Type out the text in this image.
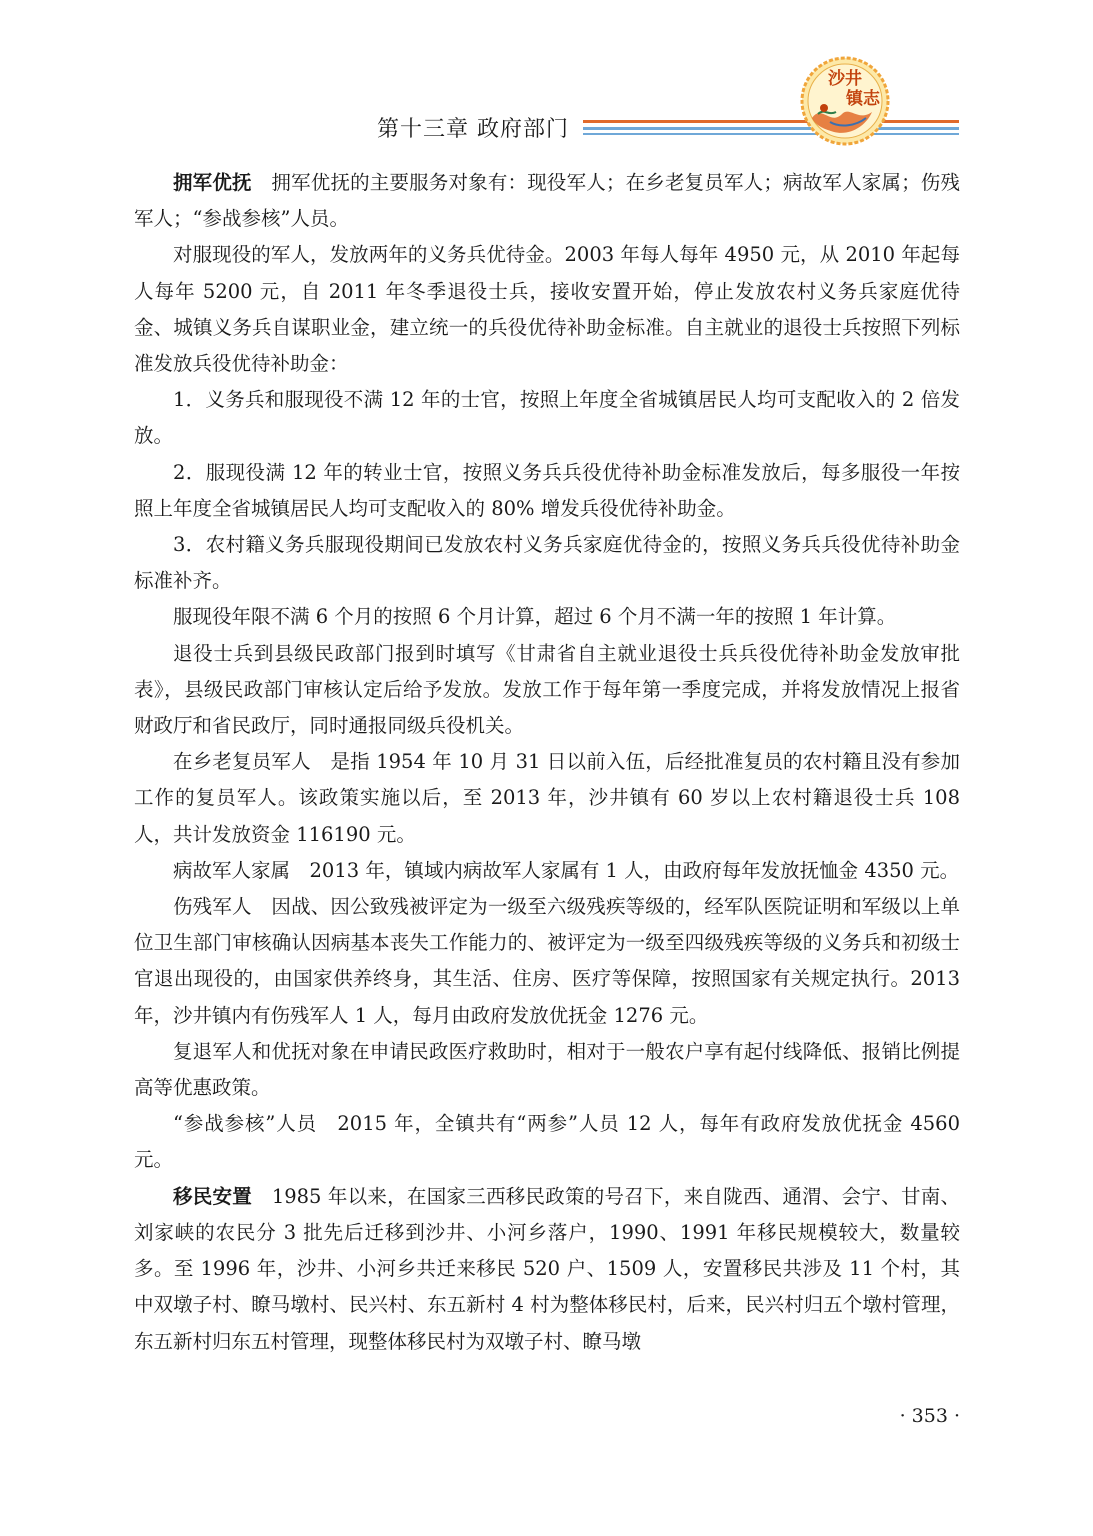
第十三章 政府部门
沙井
镇志

拥军优抚　 拥军优抚的主要服务对象有：现役军人；在乡老复员军人；病故军人家属；伤残军人；“参战参核”人员。

对服现役的军人，发放两年的义务兵优待金。2003 年每人每年 4950 元，从 2010 年起每人每年 5200 元，自 2011 年冬季退役士兵，接收安置开始，停止发放农村义务兵家庭优待金、城镇义务兵自谋职业金，建立统一的兵役优待补助金标准。自主就业的退役士兵按照下列标准发放兵役优待补助金：

1．义务兵和服现役不满 12 年的士官，按照上年度全省城镇居民人均可支配收入的 2 倍发放。

2．服现役满 12 年的转业士官，按照义务兵兵役优待补助金标准发放后，每多服役一年按照上年度全省城镇居民人均可支配收入的 80% 增发兵役优待补助金。

3．农村籍义务兵服现役期间已发放农村义务兵家庭优待金的，按照义务兵兵役优待补助金标准补齐。

服现役年限不满 6 个月的按照 6 个月计算，超过 6 个月不满一年的按照 1 年计算。

退役士兵到县级民政部门报到时填写《甘肃省自主就业退役士兵兵役优待补助金发放审批表》，县级民政部门审核认定后给予发放。发放工作于每年第一季度完成，并将发放情况上报省财政厅和省民政厅，同时通报同级兵役机关。

在乡老复员军人　是指 1954 年 10 月 31 日以前入伍，后经批准复员的农村籍且没有参加工作的复员军人。该政策实施以后，至 2013 年，沙井镇有 60 岁以上农村籍退役士兵 108 人，共计发放资金 116190 元。

病故军人家属　2013 年，镇域内病故军人家属有 1 人，由政府每年发放抚恤金 4350 元。

伤残军人　因战、因公致残被评定为一级至六级残疾等级的，经军队医院证明和军级以上单位卫生部门审核确认因病基本丧失工作能力的、被评定为一级至四级残疾等级的义务兵和初级士官退出现役的，由国家供养终身，其生活、住房、医疗等保障，按照国家有关规定执行。2013 年，沙井镇内有伤残军人 1 人，每月由政府发放优抚金 1276 元。

复退军人和优抚对象在申请民政医疗救助时，相对于一般农户享有起付线降低、报销比例提高等优惠政策。

“参战参核”人员　2015 年，全镇共有“两参”人员 12 人，每年有政府发放优抚金 4560 元。

移民安置　 1985 年以来，在国家三西移民政策的号召下，来自陇西、通渭、会宁、甘南、刘家峡的农民分 3 批先后迁移到沙井、小河乡落户，1990、1991 年移民规模较大，数量较多。至 1996 年，沙井、小河乡共迁来移民 520 户、1509 人，安置移民共涉及 11 个村，其中双墩子村、瞭马墩村、民兴村、东五新村 4 村为整体移民村，后来，民兴村归五个墩村管理，东五新村归东五村管理，现整体移民村为双墩子村、瞭马墩

· 353 ·
